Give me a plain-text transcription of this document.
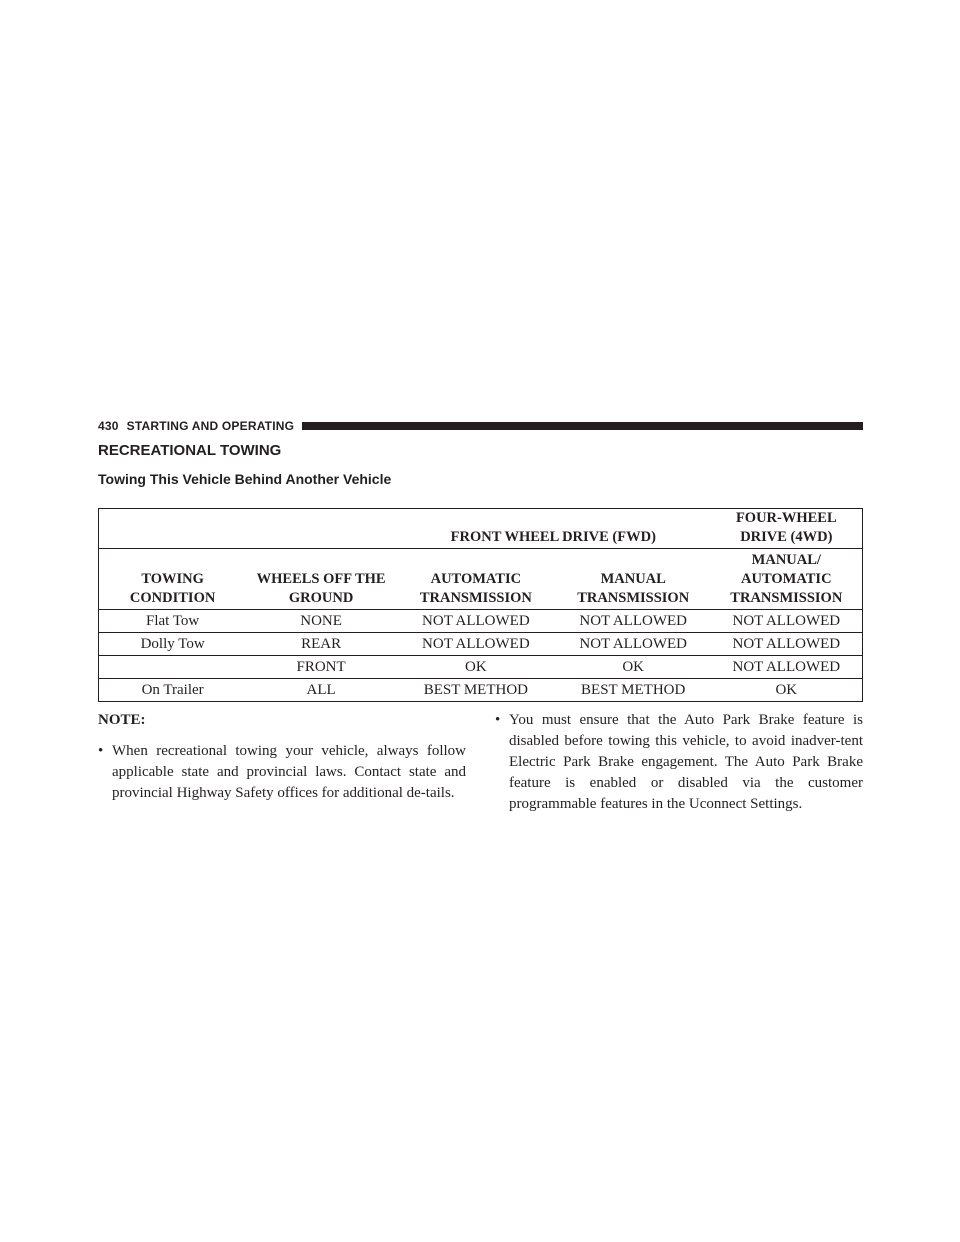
430 STARTING AND OPERATING
RECREATIONAL TOWING
Towing This Vehicle Behind Another Vehicle
		FRONT WHEEL DRIVE (FWD)		FOUR-WHEEL DRIVE (4WD)
TOWING CONDITION	WHEELS OFF THE GROUND	AUTOMATIC TRANSMISSION	MANUAL TRANSMISSION	MANUAL/ AUTOMATIC TRANSMISSION
Flat Tow	NONE	NOT ALLOWED	NOT ALLOWED	NOT ALLOWED
Dolly Tow	REAR	NOT ALLOWED	NOT ALLOWED	NOT ALLOWED
	FRONT	OK	OK	NOT ALLOWED
On Trailer	ALL	BEST METHOD	BEST METHOD	OK

NOTE:

• When recreational towing your vehicle, always follow applicable state and provincial laws. Contact state and provincial Highway Safety offices for additional de-tails.
• You must ensure that the Auto Park Brake feature is disabled before towing this vehicle, to avoid inadver-tent Electric Park Brake engagement. The Auto Park Brake feature is enabled or disabled via the customer programmable features in the Uconnect Settings.
